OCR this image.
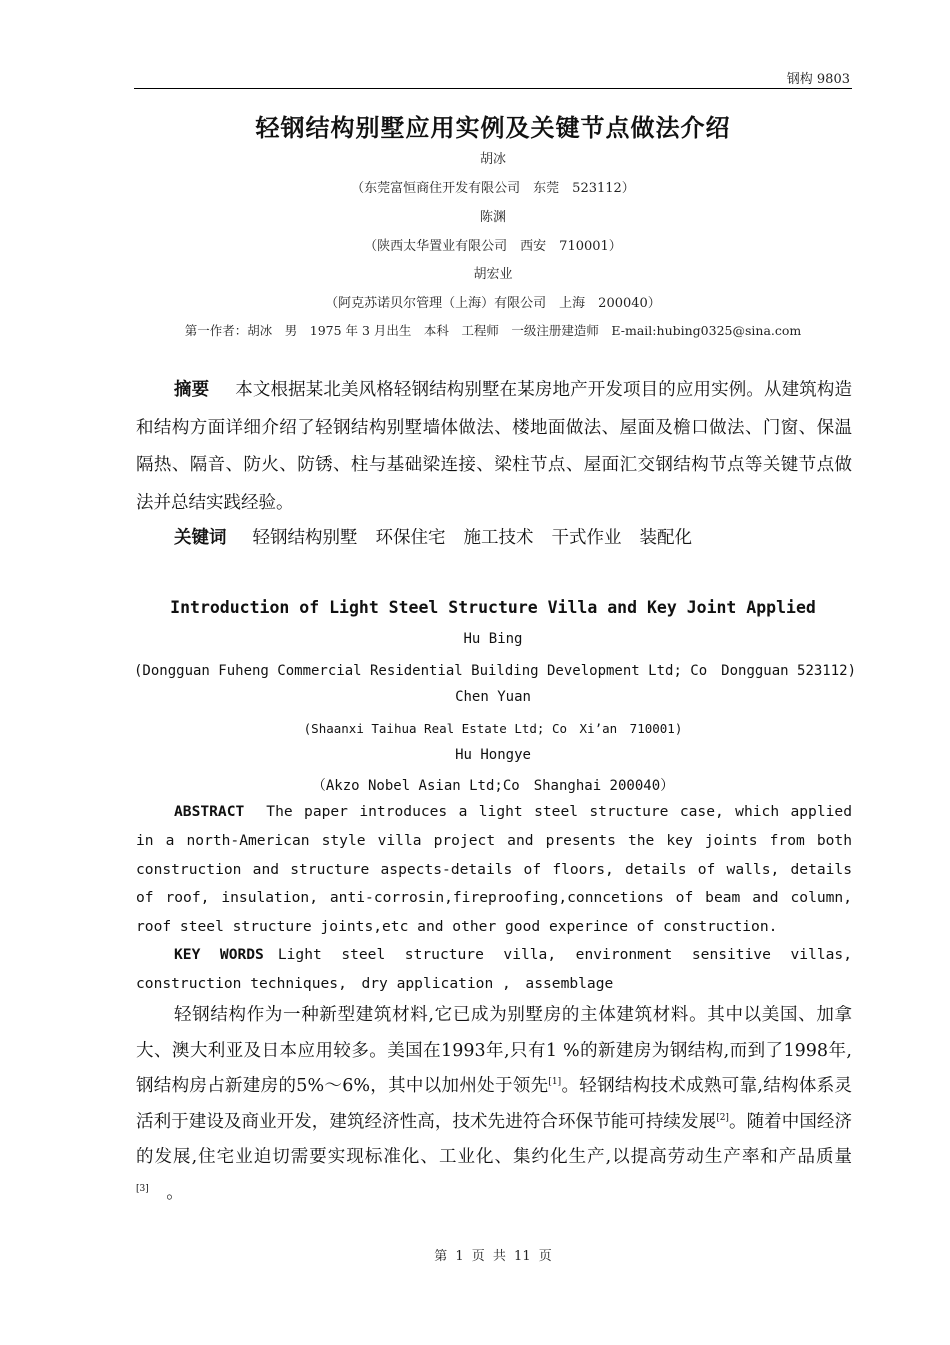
钢构 9803
轻钢结构别墅应用实例及关键节点做法介绍
胡冰
（东莞富恒商住开发有限公司　东莞　523112）
陈渊
（陕西太华置业有限公司　西安　710001）
胡宏业
（阿克苏诺贝尔管理（上海）有限公司　上海　200040）
第一作者：胡冰　男　1975 年 3 月出生　本科　工程师　一级注册建造师　E-mail:hubing0325@sina.com
摘要 本文根据某北美风格轻钢结构别墅在某房地产开发项目的应用实例。从建筑构造和结构方面详细介绍了轻钢结构别墅墙体做法、楼地面做法、屋面及檐口做法、门窗、保温隔热、隔音、防火、防锈、柱与基础梁连接、梁柱节点、屋面汇交钢结构节点等关键节点做法并总结实践经验。
关键词 轻钢结构别墅 环保住宅 施工技术 干式作业 装配化
Introduction of Light Steel Structure Villa and Key Joint Applied
Hu Bing
(Dongguan Fuheng Commercial Residential Building Development Ltd; Co　Dongguan 523112)
Chen Yuan
(Shaanxi Taihua Real Estate Ltd; Co　Xi’an　710001)
Hu Hongye
（Akzo Nobel Asian Ltd;Co　Shanghai 200040）
ABSTRACT The paper introduces a light steel structure case, which applied in a north-American style villa project and presents the key joints from both construction and structure aspects-details of floors, details of walls, details of roof, insulation, anti-corrosin,fireproofing,conncetions of beam and column, roof steel structure joints,etc and other good experince of construction.
KEY WORDS Light steel structure villa, environment sensitive villas, construction techniques,　dry application ,　assemblage

轻钢结构作为一种新型建筑材料,它已成为别墅房的主体建筑材料。其中以美国、加拿大、澳大利亚及日本应用较多。美国在1993年,只有1 %的新建房为钢结构,而到了1998年,钢结构房占新建房的5%～6%，其中以加州处于领先[1]。轻钢结构技术成熟可靠,结构体系灵活利于建设及商业开发，建筑经济性高，技术先进符合环保节能可持续发展[2]。随着中国经济的发展,住宅业迫切需要实现标准化、工业化、集约化生产,以提高劳动生产率和产品质量[3]　。

第 1 页 共 11 页
